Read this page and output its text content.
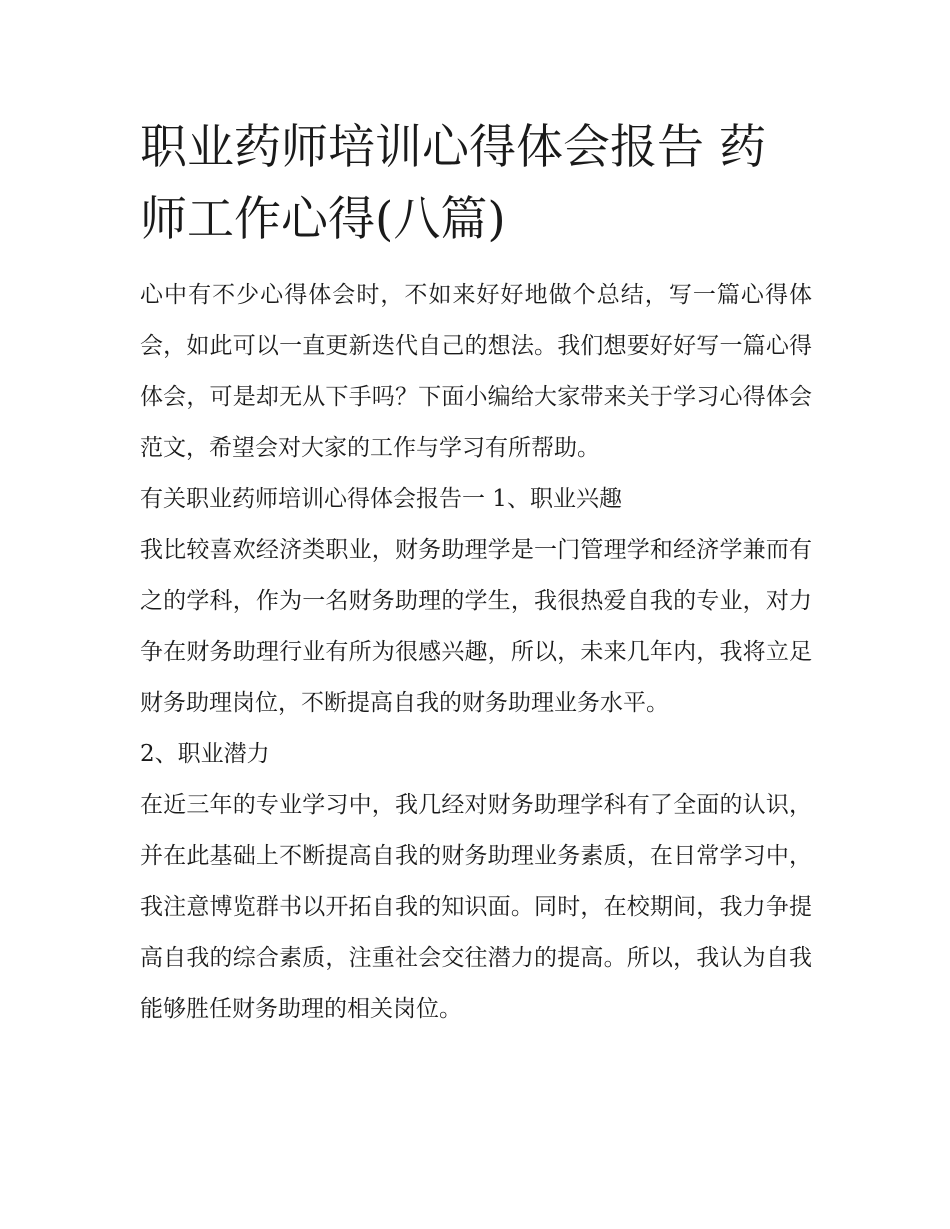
职业药师培训心得体会报告 药师工作心得(八篇)

心中有不少心得体会时，不如来好好地做个总结，写一篇心得体会，如此可以一直更新迭代自己的想法。我们想要好好写一篇心得体会，可是却无从下手吗？下面小编给大家带来关于学习心得体会范文，希望会对大家的工作与学习有所帮助。

有关职业药师培训心得体会报告一 1、职业兴趣

我比较喜欢经济类职业，财务助理学是一门管理学和经济学兼而有之的学科，作为一名财务助理的学生，我很热爱自我的专业，对力争在财务助理行业有所为很感兴趣，所以，未来几年内，我将立足财务助理岗位，不断提高自我的财务助理业务水平。

2、职业潜力

在近三年的专业学习中，我几经对财务助理学科有了全面的认识，并在此基础上不断提高自我的财务助理业务素质，在日常学习中，我注意博览群书以开拓自我的知识面。同时，在校期间，我力争提高自我的综合素质，注重社会交往潜力的提高。所以，我认为自我能够胜任财务助理的相关岗位。
